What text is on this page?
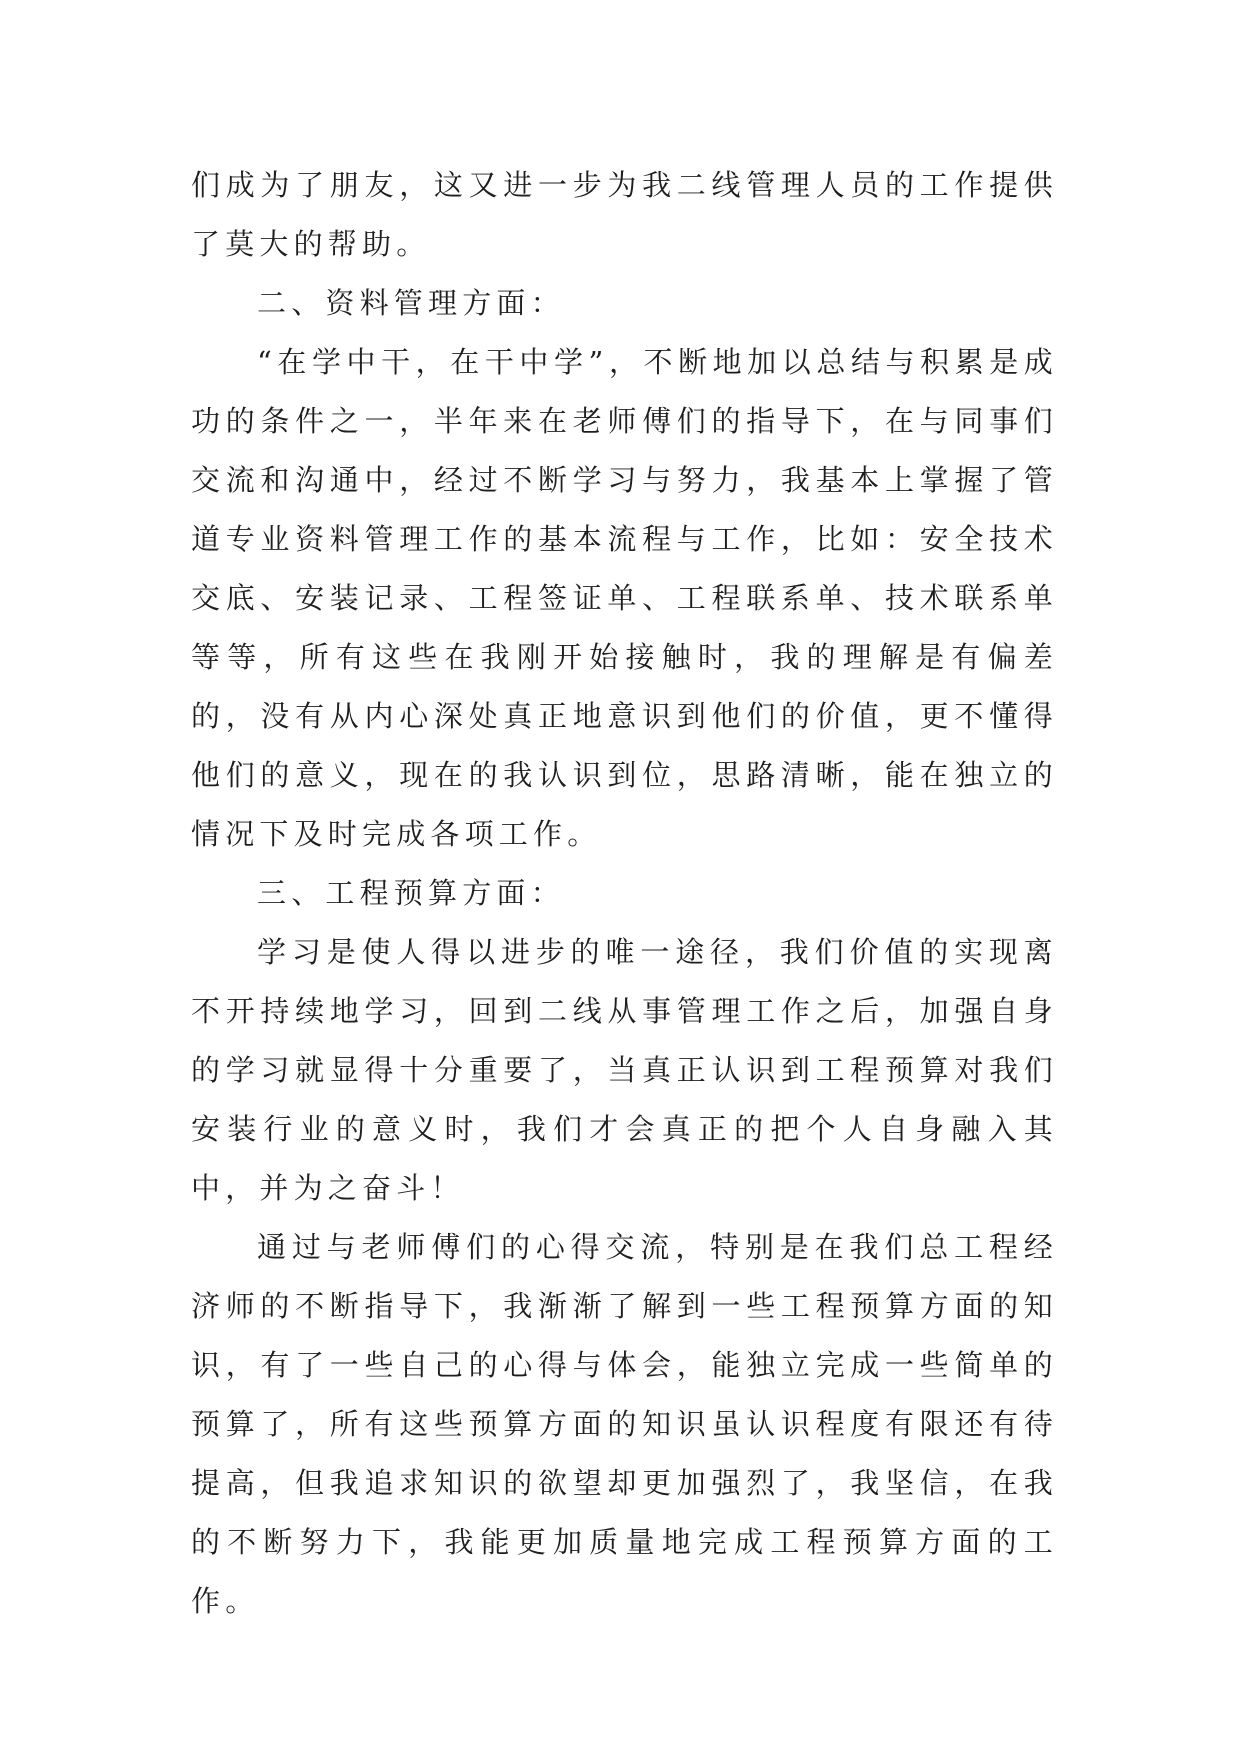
们成为了朋友，这又进一步为我二线管理人员的工作提供了莫大的帮助。

二、资料管理方面：

“在学中干，在干中学”，不断地加以总结与积累是成功的条件之一，半年来在老师傅们的指导下，在与同事们交流和沟通中，经过不断学习与努力，我基本上掌握了管道专业资料管理工作的基本流程与工作，比如：安全技术交底、安装记录、工程签证单、工程联系单、技术联系单等等，所有这些在我刚开始接触时，我的理解是有偏差的，没有从内心深处真正地意识到他们的价值，更不懂得他们的意义，现在的我认识到位，思路清晰，能在独立的情况下及时完成各项工作。

三、工程预算方面：

学习是使人得以进步的唯一途径，我们价值的实现离不开持续地学习，回到二线从事管理工作之后，加强自身的学习就显得十分重要了，当真正认识到工程预算对我们安装行业的意义时，我们才会真正的把个人自身融入其中，并为之奋斗！

通过与老师傅们的心得交流，特别是在我们总工程经济师的不断指导下，我渐渐了解到一些工程预算方面的知识，有了一些自己的心得与体会，能独立完成一些简单的预算了，所有这些预算方面的知识虽认识程度有限还有待提高，但我追求知识的欲望却更加强烈了，我坚信，在我的不断努力下，我能更加质量地完成工程预算方面的工作。
